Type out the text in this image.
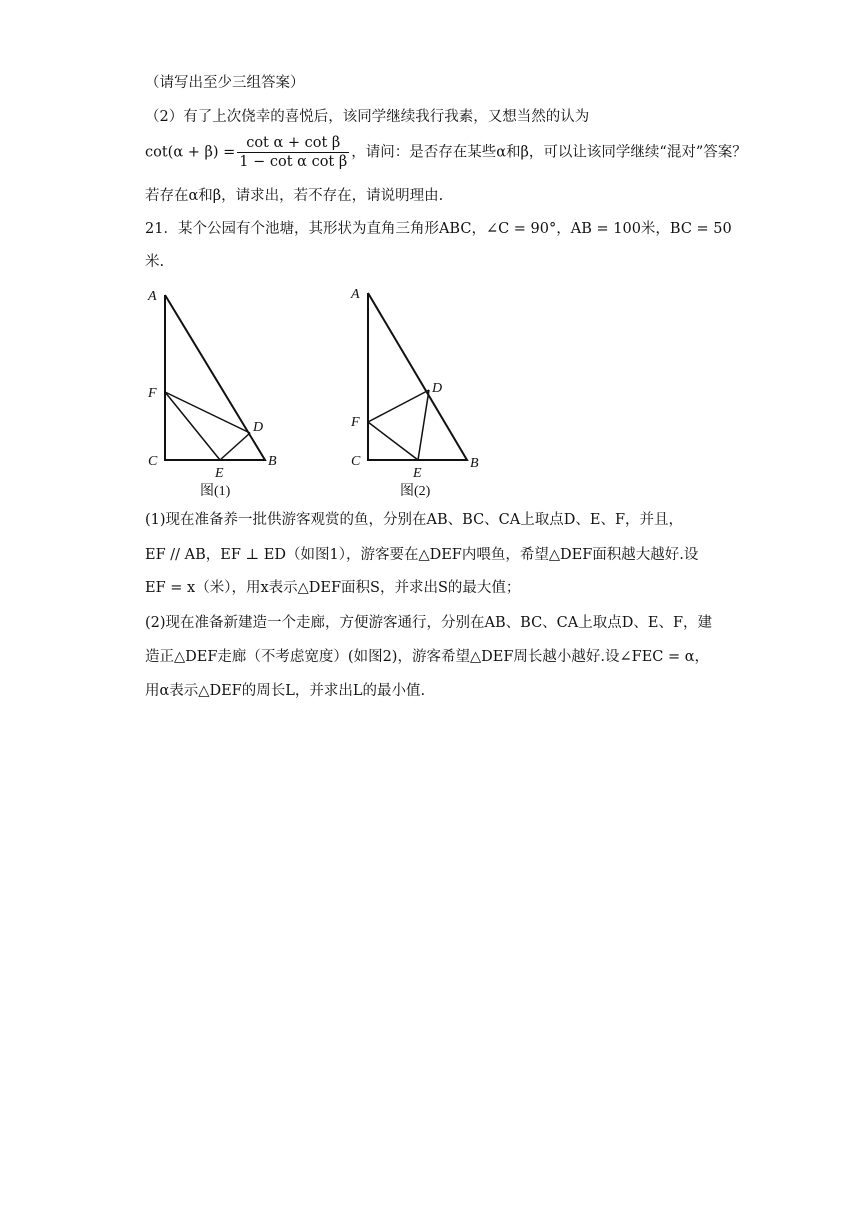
（请写出至少三组答案）
（2）有了上次侥幸的喜悦后，该同学继续我行我素，又想当然的认为
$\cot(\alpha + \beta) = \frac{\text{cot α + cot β}}{\text{1 − cot α cot β}}$ ，请问：是否存在某些α和β，可以让该同学继续“混对”答案？
若存在α和β，请求出，若不存在，请说明理由.
21．某个公园有个池塘，其形状为直角三角形ABC，∠C = 90°，AB = 100米，BC = 50
米.
A
F
D
C
E
B
图(1)
A
D
F
C
E
B
图(2)
(1)现在准备养一批供游客观赏的鱼，分别在AB、BC、CA上取点D、E、F，并且，
EF // AB，EF ⊥ ED（如图1），游客要在△DEF内喂鱼，希望△DEF面积越大越好.设
EF = x（米），用x表示△DEF面积S，并求出S的最大值；
(2)现在准备新建造一个走廊，方便游客通行，分别在AB、BC、CA上取点D、E、F，建
造正△DEF走廊（不考虑宽度）(如图2)，游客希望△DEF周长越小越好.设∠FEC = α，
用α表示△DEF的周长L，并求出L的最小值.
